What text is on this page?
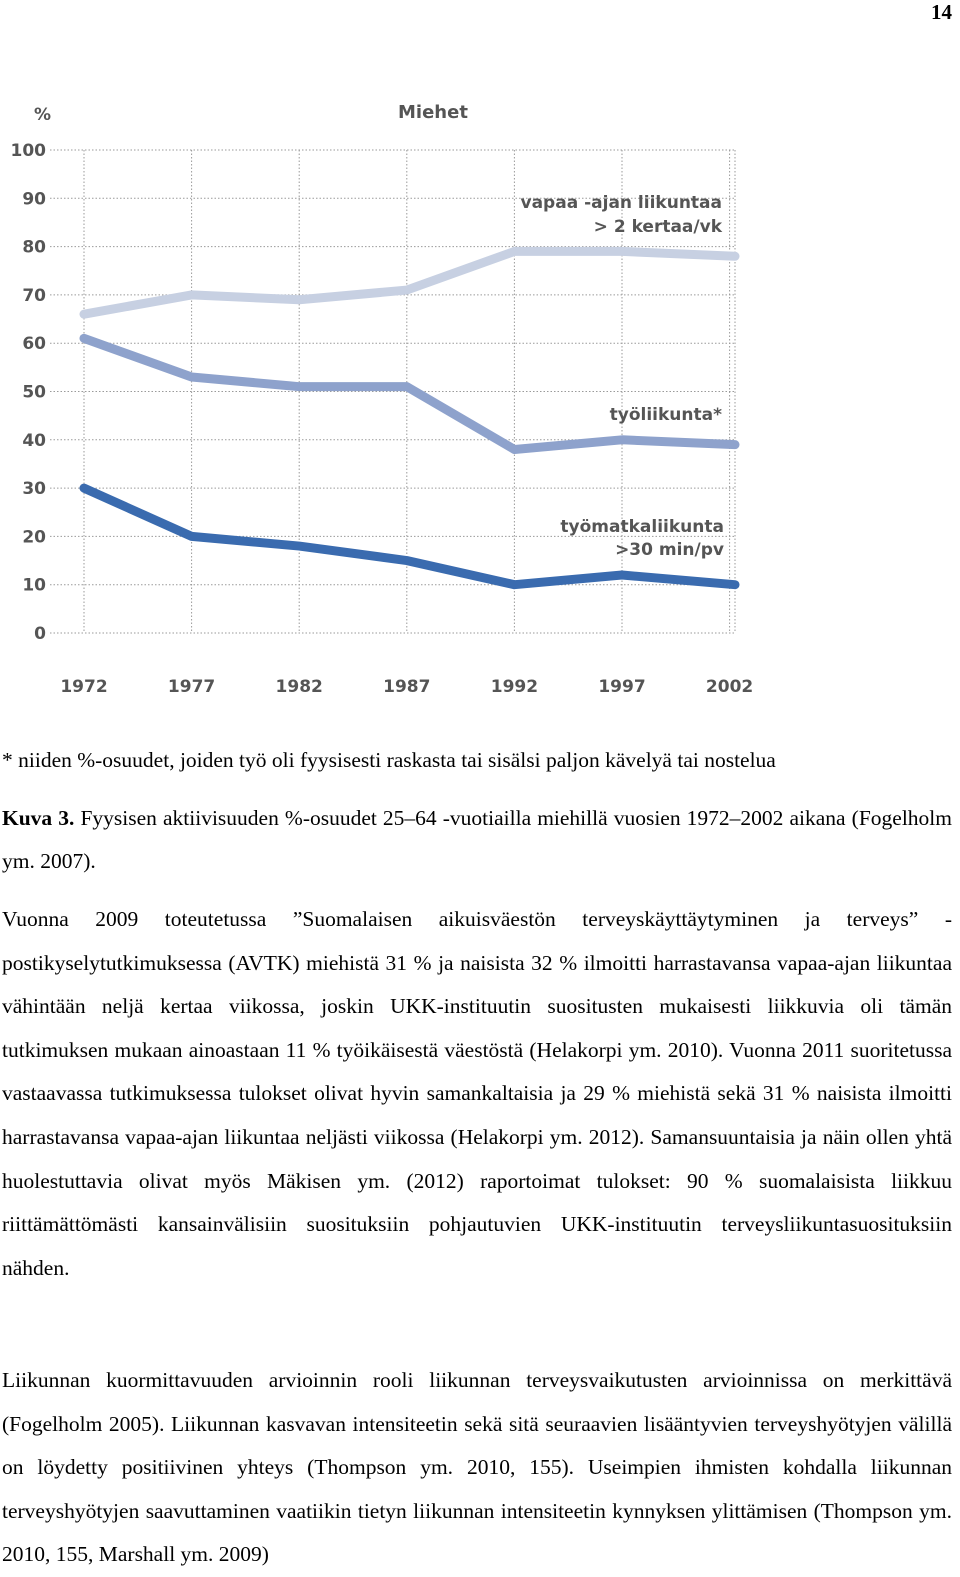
14
0
10
20
30
40
50
60
70
80
90
100
1972	1977	1982	1987	1992	1997	2002
%	Miehet
vapaa -ajan liikuntaa
> 2 kertaa/vk
työliikunta*
työmatkaliikunta
>30 min/pv
* niiden %-osuudet, joiden työ oli fyysisesti raskasta tai sisälsi paljon kävelyä tai nostelua
Kuva 3. Fyysisen aktiivisuuden %-osuudet 25–64 -vuotiailla miehillä vuosien 1972–2002 aikana (Fogelholm ym. 2007).
Vuonna 2009 toteutetussa ”Suomalaisen aikuisväestön terveyskäyttäytyminen ja terveys” -postikyselytutkimuksessa (AVTK) miehistä 31 % ja naisista 32 % ilmoitti harrastavansa vapaa-ajan liikuntaa vähintään neljä kertaa viikossa, joskin UKK-instituutin suositusten mukaisesti liikkuvia oli tämän tutkimuksen mukaan ainoastaan 11 % työikäisestä väestöstä (Helakorpi ym. 2010). Vuonna 2011 suoritetussa vastaavassa tutkimuksessa tulokset olivat hyvin samankaltaisia ja 29 % miehistä sekä 31 % naisista ilmoitti harrastavansa vapaa-ajan liikuntaa neljästi viikossa (Helakorpi ym. 2012). Samansuuntaisia ja näin ollen yhtä huolestuttavia olivat myös Mäkisen ym. (2012) raportoimat tulokset: 90 % suomalaisista liikkuu riittämättömästi kansainvälisiin suosituksiin pohjautuvien UKK-instituutin terveysliikuntasuosituksiin nähden.
Liikunnan kuormittavuuden arvioinnin rooli liikunnan terveysvaikutusten arvioinnissa on merkittävä (Fogelholm 2005). Liikunnan kasvavan intensiteetin sekä sitä seuraavien lisääntyvien terveyshyötyjen välillä on löydetty positiivinen yhteys (Thompson ym. 2010, 155). Useimpien ihmisten kohdalla liikunnan terveyshyötyjen saavuttaminen vaatiikin tietyn liikunnan intensiteetin kynnyksen ylittämisen (Thompson ym. 2010, 155, Marshall ym. 2009)
